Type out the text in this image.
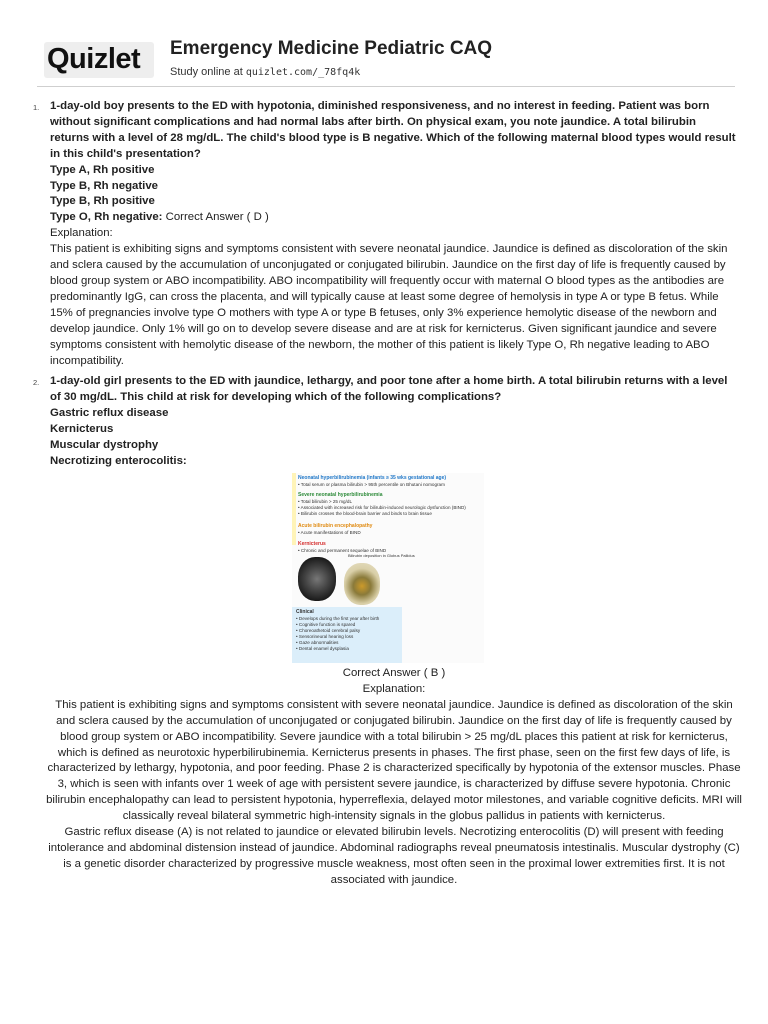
Quizlet Emergency Medicine Pediatric CAQ
Study online at quizlet.com/_78fq4k
1. 1-day-old boy presents to the ED with hypotonia, diminished responsiveness, and no interest in feeding. Patient was born without significant complications and had normal labs after birth. On physical exam, you note jaundice. A total bilirubin returns with a level of 28 mg/dL. The child's blood type is B negative. Which of the following maternal blood types would result in this child's presentation?

Type A, Rh positive

Type B, Rh negative

Type B, Rh positive

Type O, Rh negative: Correct Answer ( D )

Explanation:

This patient is exhibiting signs and symptoms consistent with severe neonatal jaundice. Jaundice is defined as discoloration of the skin and sclera caused by the accumulation of unconjugated or conjugated bilirubin. Jaundice on the first day of life is frequently caused by blood group system or ABO incompatibility. ABO incompatibility will frequently occur with maternal O blood types as the antibodies are predominantly IgG, can cross the placenta, and will typically cause at least some degree of hemolysis in type A or type B fetus. While 15% of pregnancies involve type O mothers with type A or type B fetuses, only 3% experience hemolytic disease of the newborn and develop jaundice. Only 1% will go on to develop severe disease and are at risk for kernicterus. Given significant jaundice and severe symptoms consistent with hemolytic disease of the newborn, the mother of this patient is likely Type O, Rh negative leading to ABO incompatibility.

2. 1-day-old girl presents to the ED with jaundice, lethargy, and poor tone after a home birth. A total bilirubin returns with a level of 30 mg/dL. This child at risk for developing which of the following complications?

Gastric reflux disease

Kernicterus

Muscular dystrophy

Necrotizing enterocolitis:

Neonatal hyperbilirubinemia (infants ≥ 35 wks gestational age)
• Total serum or plasma bilirubin > 95th percentile on Bhutani nomogram
Severe neonatal hyperbilirubinemia
• Total bilirubin > 25 mg/dL
• Associated with increased risk for bilirubin-induced neurologic dysfunction (BIND)
• Bilirubin crosses the blood-brain barrier and binds to brain tissue
Acute bilirubin encephalopathy
• Acute manifestations of BIND
Kernicterus
• Chronic and permanent sequelae of BIND
Bilirubin deposition in Globus Pallidus
Clinical
• Develops during the first year after birth
• Cognitive function is spared
• Choreoathetoid cerebral palsy
• Sensorineural hearing loss
• Gaze abnormalities
• Dental enamel dysplasia

Correct Answer ( B )

Explanation:

This patient is exhibiting signs and symptoms consistent with severe neonatal jaundice. Jaundice is defined as discoloration of the skin and sclera caused by the accumulation of unconjugated or conjugated bilirubin. Jaundice on the first day of life is frequently caused by blood group system or ABO incompatibility. Severe jaundice with a total bilirubin > 25 mg/dL places this patient at risk for kernicterus, which is defined as neurotoxic hyperbilirubinemia. Kernicterus presents in phases. The first phase, seen on the first few days of life, is characterized by lethargy, hypotonia, and poor feeding. Phase 2 is characterized specifically by hypotonia of the extensor muscles. Phase 3, which is seen with infants over 1 week of age with persistent severe jaundice, is characterized by diffuse severe hypotonia. Chronic bilirubin encephalopathy can lead to persistent hypotonia, hyperreflexia, delayed motor milestones, and variable cognitive deficits. MRI will classically reveal bilateral symmetric high-intensity signals in the globus pallidus in patients with kernicterus.

Gastric reflux disease (A) is not related to jaundice or elevated bilirubin levels. Necrotizing enterocolitis (D) will present with feeding intolerance and abdominal distension instead of jaundice. Abdominal radiographs reveal pneumatosis intestinalis. Muscular dystrophy (C) is a genetic disorder characterized by progressive muscle weakness, most often seen in the proximal lower extremities first. It is not associated with jaundice.
